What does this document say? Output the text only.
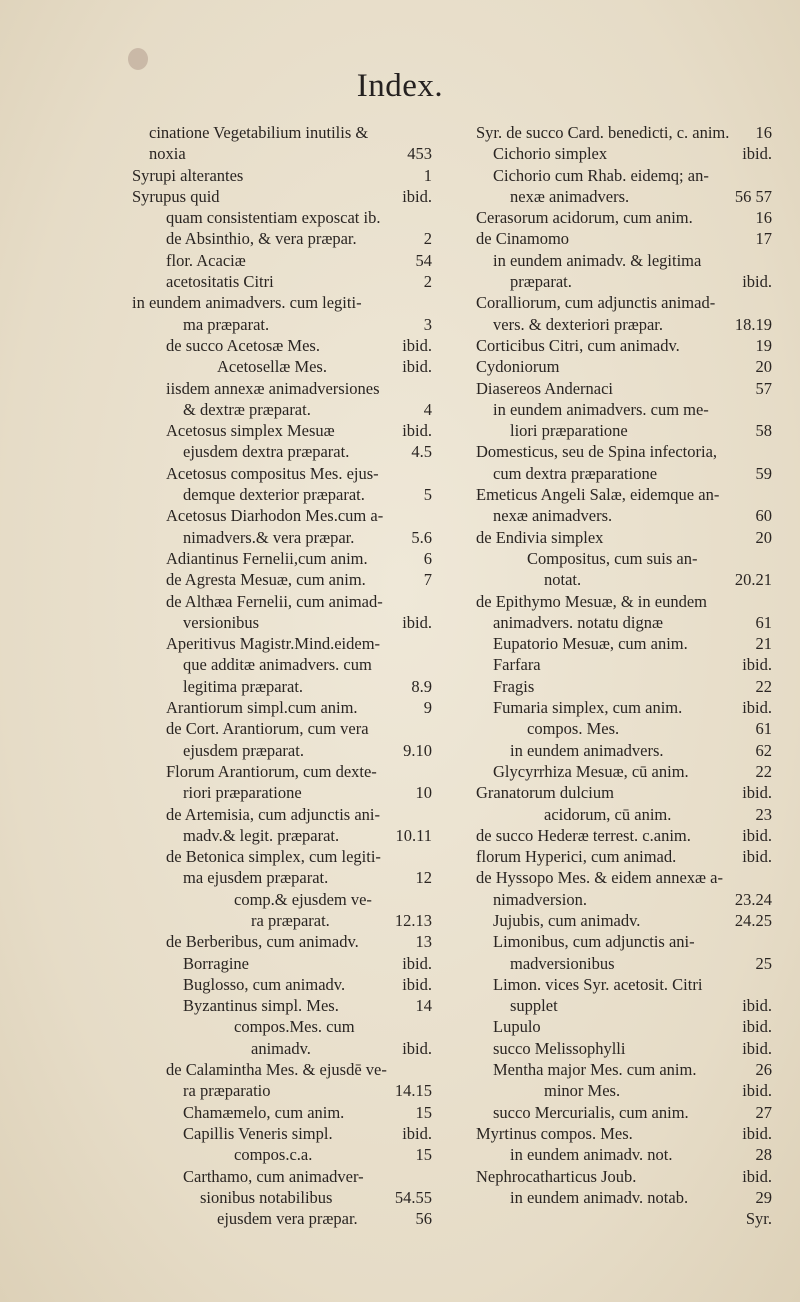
Index.
cinatione Vegetabilium inutilis &
noxia	453
Syrupi alterantes	1
Syrupus quid	ibid.
quam consistentiam exposcat ib.
de Absinthio, & vera præpar.	2
flor. Acaciæ	54
acetositatis Citri	2
in eundem animadvers. cum legiti-
ma præparat.	3
de succo Acetosæ Mes.	ibid.
Acetosellæ Mes.	ibid.
iisdem annexæ animadversiones
& dextræ præparat.	4
Acetosus simplex Mesuæ	ibid.
ejusdem dextra præparat.	4.5
Acetosus compositus Mes. ejus-
demque dexterior præparat.	5
Acetosus Diarhodon Mes.cum a-
nimadvers.& vera præpar.	5.6
Adiantinus Fernelii,cum anim.	6
de Agresta Mesuæ, cum anim.	7
de Althæa Fernelii, cum animad-
versionibus	ibid.
Aperitivus Magistr.Mind.eidem-
que additæ animadvers. cum
legitima præparat.	8.9
Arantiorum simpl.cum anim.	9
de Cort. Arantiorum, cum vera
ejusdem præparat.	9.10
Florum Arantiorum, cum dexte-
riori præparatione	10
de Artemisia, cum adjunctis ani-
madv.& legit. præparat.	10.11
de Betonica simplex, cum legiti-
ma ejusdem præparat.	12
comp.& ejusdem ve-
ra præparat.	12.13
de Berberibus, cum animadv.	13
Borragine	ibid.
Buglosso, cum animadv.	ibid.
Byzantinus simpl. Mes.	14
compos.Mes. cum
animadv.	ibid.
de Calamintha Mes. & ejusdē ve-
ra præparatio	14.15
Chamæmelo, cum anim.	15
Capillis Veneris simpl.	ibid.
compos.c.a.	15
Carthamo, cum animadver-
sionibus notabilibus	54.55
ejusdem vera præpar.	56
Syr. de succo Card. benedicti, c. anim. 16
Cichorio simplex	ibid.
Cichorio cum Rhab. eidemq; an-
nexæ animadvers.	56 57
Cerasorum acidorum, cum anim.	16
de Cinamomo	17
in eundem animadv. & legitima
præparat.	ibid.
Coralliorum, cum adjunctis animad-
vers. & dexteriori præpar.	18.19
Corticibus Citri, cum animadv.	19
Cydoniorum	20
Diasereos Andernaci	57
in eundem animadvers. cum me-
liori præparatione	58
Domesticus, seu de Spina infectoria,
cum dextra præparatione	59
Emeticus Angeli Salæ, eidemque an-
nexæ animadvers.	60
de Endivia simplex	20
Compositus, cum suis an-
notat.	20.21
de Epithymo Mesuæ, & in eundem
animadvers. notatu dignæ	61
Eupatorio Mesuæ, cum anim.	21
Farfara	ibid.
Fragis	22
Fumaria simplex, cum anim.	ibid.
compos. Mes.	61
in eundem animadvers.	62
Glycyrrhiza Mesuæ, cū anim.	22
Granatorum dulcium	ibid.
acidorum, cū anim.	23
de succo Hederæ terrest. c.anim.	ibid.
florum Hyperici, cum animad.	ibid.
de Hyssopo Mes. & eidem annexæ a-
nimadversion.	23.24
Jujubis, cum animadv.	24.25
Limonibus, cum adjunctis ani-
madversionibus	25
Limon. vices Syr. acetosit. Citri
supplet	ibid.
Lupulo	ibid.
succo Melissophylli	ibid.
Mentha major Mes. cum anim.	26
minor Mes.	ibid.
succo Mercurialis, cum anim.	27
Myrtinus compos. Mes.	ibid.
in eundem animadv. not.	28
Nephrocatharticus Joub.	ibid.
in eundem animadv. notab.	29
Syr.
